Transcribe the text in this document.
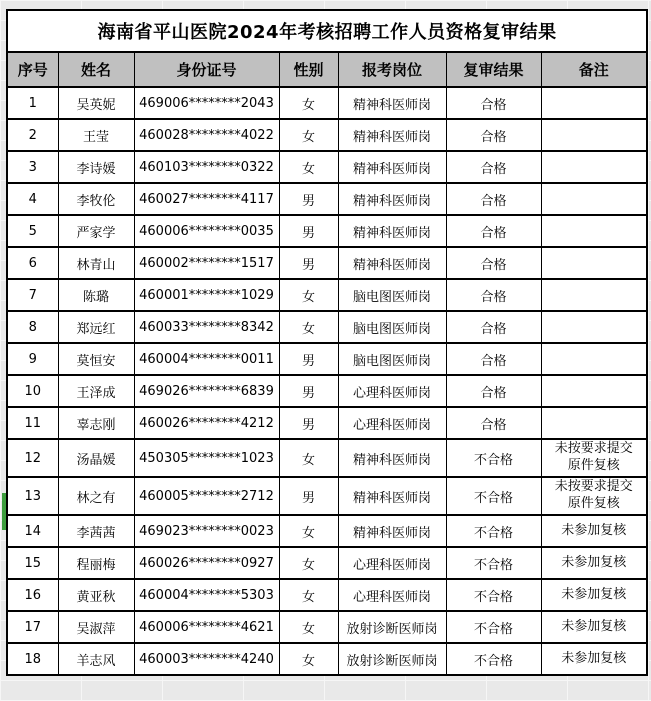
海南省平山医院2024年考核招聘工作人员资格复审结果						
序号	姓名	身份证号	性别	报考岗位	复审结果	备注
1	吴英妮	469006********2043	女	精神科医师岗	合格	
2	王莹	460028********4022	女	精神科医师岗	合格	
3	李诗媛	460103********0322	女	精神科医师岗	合格	
4	李牧伦	460027********4117	男	精神科医师岗	合格	
5	严家学	460006********0035	男	精神科医师岗	合格	
6	林青山	460002********1517	男	精神科医师岗	合格	
7	陈璐	460001********1029	女	脑电图医师岗	合格	
8	郑远红	460033********8342	女	脑电图医师岗	合格	
9	莫恒安	460004********0011	男	脑电图医师岗	合格	
10	王泽成	469026********6839	男	心理科医师岗	合格	
11	辜志刚	460026********4212	男	心理科医师岗	合格	
12	汤晶媛	450305********1023	女	精神科医师岗	不合格	未按要求提交原件复核
13	林之有	460005********2712	男	精神科医师岗	不合格	未按要求提交原件复核
14	李茜茜	469023********0023	女	精神科医师岗	不合格	未参加复核
15	程丽梅	460026********0927	女	心理科医师岗	不合格	未参加复核
16	黄亚秋	460004********5303	女	心理科医师岗	不合格	未参加复核
17	吴淑萍	460006********4621	女	放射诊断医师岗	不合格	未参加复核
18	羊志风	460003********4240	女	放射诊断医师岗	不合格	未参加复核
